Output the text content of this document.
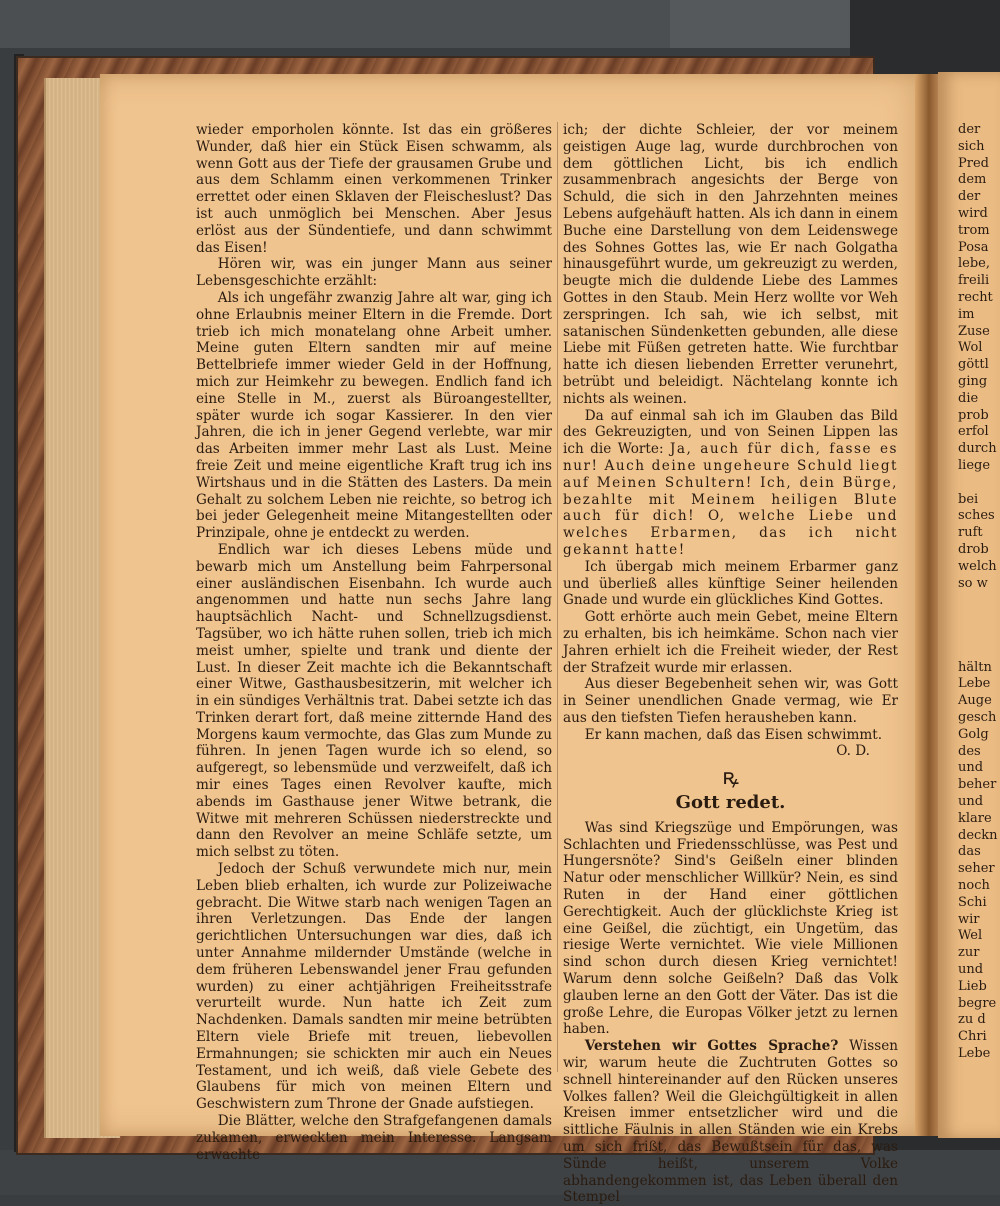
wieder emporholen könnte. Ist das ein größeres Wunder, daß hier ein Stück Eisen schwamm, als wenn Gott aus der Tiefe der grausamen Grube und aus dem Schlamm einen verkommenen Trinker errettet oder einen Sklaven der Fleischeslust? Das ist auch unmöglich bei Menschen. Aber Jesus erlöst aus der Sündentiefe, und dann schwimmt das Eisen!

Hören wir, was ein junger Mann aus seiner Lebensgeschichte erzählt:

Als ich ungefähr zwanzig Jahre alt war, ging ich ohne Erlaubnis meiner Eltern in die Fremde. Dort trieb ich mich monatelang ohne Arbeit umher. Meine guten Eltern sandten mir auf meine Bettelbriefe immer wieder Geld in der Hoffnung, mich zur Heimkehr zu bewegen. Endlich fand ich eine Stelle in M., zuerst als Büroangestellter, später wurde ich sogar Kassierer. In den vier Jahren, die ich in jener Gegend verlebte, war mir das Arbeiten immer mehr Last als Lust. Meine freie Zeit und meine eigentliche Kraft trug ich ins Wirtshaus und in die Stätten des Lasters. Da mein Gehalt zu solchem Leben nie reichte, so betrog ich bei jeder Gelegenheit meine Mitangestellten oder Prinzipale, ohne je entdeckt zu werden.

Endlich war ich dieses Lebens müde und bewarb mich um Anstellung beim Fahrpersonal einer ausländischen Eisenbahn. Ich wurde auch angenommen und hatte nun sechs Jahre lang hauptsächlich Nacht- und Schnellzugsdienst. Tagsüber, wo ich hätte ruhen sollen, trieb ich mich meist umher, spielte und trank und diente der Lust. In dieser Zeit machte ich die Bekanntschaft einer Witwe, Gasthausbesitzerin, mit welcher ich in ein sündiges Verhältnis trat. Dabei setzte ich das Trinken derart fort, daß meine zitternde Hand des Morgens kaum vermochte, das Glas zum Munde zu führen. In jenen Tagen wurde ich so elend, so aufgeregt, so lebensmüde und verzweifelt, daß ich mir eines Tages einen Revolver kaufte, mich abends im Gasthause jener Witwe betrank, die Witwe mit mehreren Schüssen niederstreckte und dann den Revolver an meine Schläfe setzte, um mich selbst zu töten.

Jedoch der Schuß verwundete mich nur, mein Leben blieb erhalten, ich wurde zur Polizeiwache gebracht. Die Witwe starb nach wenigen Tagen an ihren Verletzungen. Das Ende der langen gerichtlichen Untersuchungen war dies, daß ich unter Annahme mildernder Umstände (welche in dem früheren Lebenswandel jener Frau gefunden wurden) zu einer achtjährigen Freiheitsstrafe verurteilt wurde. Nun hatte ich Zeit zum Nachdenken. Damals sandten mir meine betrübten Eltern viele Briefe mit treuen, liebevollen Ermahnungen; sie schickten mir auch ein Neues Testament, und ich weiß, daß viele Gebete des Glaubens für mich von meinen Eltern und Geschwistern zum Throne der Gnade aufstiegen.

Die Blätter, welche den Strafgefangenen damals zukamen, erweckten mein Interesse. Langsam erwachte

ich; der dichte Schleier, der vor meinem geistigen Auge lag, wurde durchbrochen von dem göttlichen Licht, bis ich endlich zusammenbrach angesichts der Berge von Schuld, die sich in den Jahrzehnten meines Lebens aufgehäuft hatten. Als ich dann in einem Buche eine Darstellung von dem Leidenswege des Sohnes Gottes las, wie Er nach Golgatha hinausgeführt wurde, um gekreuzigt zu werden, beugte mich die duldende Liebe des Lammes Gottes in den Staub. Mein Herz wollte vor Weh zerspringen. Ich sah, wie ich selbst, mit satanischen Sündenketten gebunden, alle diese Liebe mit Füßen getreten hatte. Wie furchtbar hatte ich diesen liebenden Erretter verunehrt, betrübt und beleidigt. Nächtelang konnte ich nichts als weinen.

Da auf einmal sah ich im Glauben das Bild des Gekreuzigten, und von Seinen Lippen las ich die Worte: Ja, auch für dich, fasse es nur! Auch deine ungeheure Schuld liegt auf Meinen Schultern! Ich, dein Bürge, bezahlte mit Meinem heiligen Blute auch für dich! O, welche Liebe und welches Erbarmen, das ich nicht gekannt hatte!

Ich übergab mich meinem Erbarmer ganz und überließ alles künftige Seiner heilenden Gnade und wurde ein glückliches Kind Gottes.

Gott erhörte auch mein Gebet, meine Eltern zu erhalten, bis ich heimkäme. Schon nach vier Jahren erhielt ich die Freiheit wieder, der Rest der Strafzeit wurde mir erlassen.

Aus dieser Begebenheit sehen wir, was Gott in Seiner unendlichen Gnade vermag, wie Er aus den tiefsten Tiefen herausheben kann.

Er kann machen, daß das Eisen schwimmt.

O. D.

ꝶ
Gott redet.

Was sind Kriegszüge und Empörungen, was Schlachten und Friedensschlüsse, was Pest und Hungersnöte? Sind's Geißeln einer blinden Natur oder menschlicher Willkür? Nein, es sind Ruten in der Hand einer göttlichen Gerechtigkeit. Auch der glücklichste Krieg ist eine Geißel, die züchtigt, ein Ungetüm, das riesige Werte vernichtet. Wie viele Millionen sind schon durch diesen Krieg vernichtet! Warum denn solche Geißeln? Daß das Volk glauben lerne an den Gott der Väter. Das ist die große Lehre, die Europas Völker jetzt zu lernen haben.

Verstehen wir Gottes Sprache? Wissen wir, warum heute die Zuchtruten Gottes so schnell hintereinander auf den Rücken unseres Volkes fallen? Weil die Gleichgültigkeit in allen Kreisen immer entsetzlicher wird und die sittliche Fäulnis in allen Ständen wie ein Krebs um sich frißt, das Bewußtsein für das, was Sünde heißt, unserem Volke abhandengekommen ist, das Leben überall den Stempel

der
sich
Pred
dem
der
wird
trom
Posa
lebe,
freili
recht
im
Zuse
Wol
göttl
ging
die
prob
erfol
durch
liege
bei
sches
ruft
drob
welch
so w
hältn
Lebe
Auge
gesch
Golg
des
und
beher
und
klare
deckn
das
seher
noch
Schi
wir
Wel
zur
und
Lieb
begre
zu d
Chri
Lebe
